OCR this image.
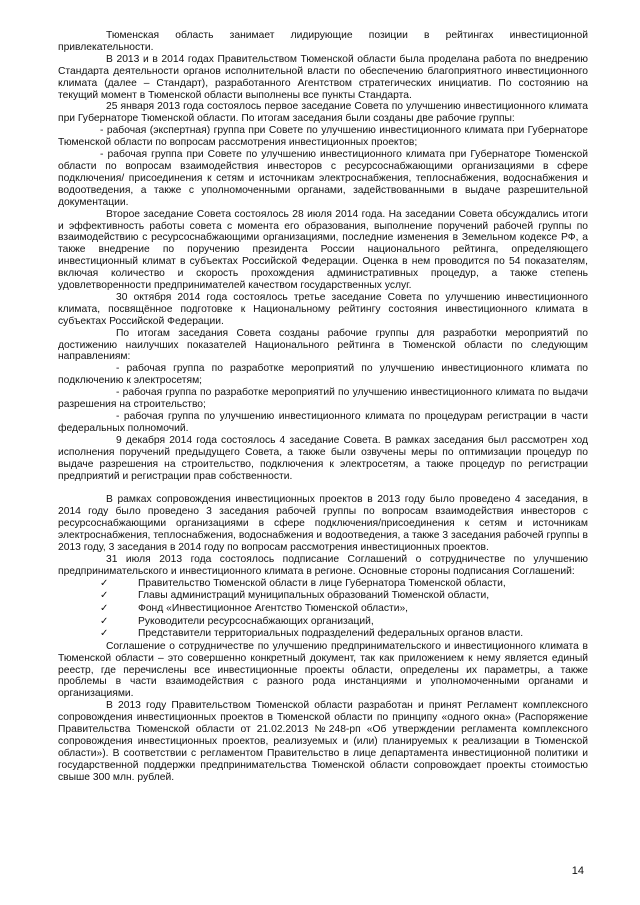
Тюменская область занимает лидирующие позиции в рейтингах инвестиционной привлекательности.

В 2013 и в 2014 годах Правительством Тюменской области была проделана работа по внедрению Стандарта деятельности органов исполнительной власти по обеспечению благоприятного инвестиционного климата (далее – Стандарт), разработанного Агентством стратегических инициатив. По состоянию на текущий момент в Тюменской области выполнены все пункты Стандарта.

25 января 2013 года состоялось первое заседание Совета по улучшению инвестиционного климата при Губернаторе Тюменской области. По итогам заседания были созданы две рабочие группы:

- рабочая (экспертная) группа при Совете по улучшению инвестиционного климата при Губернаторе Тюменской области по вопросам рассмотрения инвестиционных проектов;

- рабочая группа при Совете по улучшению инвестиционного климата при Губернаторе Тюменской области по вопросам взаимодействия инвесторов с ресурсоснабжающими организациями в сфере подключения/ присоединения к сетям и источникам электроснабжения, теплоснабжения, водоснабжения и водоотведения, а также с уполномоченными органами, задействованными в выдаче разрешительной документации.

Второе заседание Совета состоялось 28 июля 2014 года. На заседании Совета обсуждались итоги и эффективность работы совета с момента его образования, выполнение поручений рабочей группы по взаимодействию с ресурсоснабжающими организациями, последние изменения в Земельном кодексе РФ, а также внедрение по поручению президента России национального рейтинга, определяющего инвестиционный климат в субъектах Российской Федерации. Оценка в нем проводится по 54 показателям, включая количество и скорость прохождения административных процедур, а также степень удовлетворенности предпринимателей качеством государственных услуг.

30 октября 2014 года состоялось третье заседание Совета по улучшению инвестиционного климата, посвящённое подготовке к Национальному рейтингу состояния инвестиционного климата в субъектах Российской Федерации.

По итогам заседания Совета созданы рабочие группы для разработки мероприятий по достижению наилучших показателей Национального рейтинга в Тюменской области по следующим направлениям:

- рабочая группа по разработке мероприятий по улучшению инвестиционного климата по подключению к электросетям;

- рабочая группа по разработке мероприятий по улучшению инвестиционного климата по выдачи разрешения на строительство;

- рабочая группа по улучшению инвестиционного климата по процедурам регистрации в части федеральных полномочий.

9 декабря 2014 года состоялось 4 заседание Совета. В рамках заседания был рассмотрен ход исполнения поручений предыдущего Совета, а также были озвучены меры по оптимизации процедур по выдаче разрешения на строительство, подключения к электросетям, а также процедур по регистрации предприятий и регистрации прав собственности.

В рамках сопровождения инвестиционных проектов в 2013 году было проведено 4 заседания, в 2014 году было проведено 3 заседания рабочей группы по вопросам взаимодействия инвесторов с ресурсоснабжающими организациями в сфере подключения/присоединения к сетям и источникам электроснабжения, теплоснабжения, водоснабжения и водоотведения, а также 3 заседания рабочей группы в 2013 году, 3 заседания в 2014 году по вопросам рассмотрения инвестиционных проектов.

31 июля 2013 года состоялось подписание Соглашений о сотрудничестве по улучшению предпринимательского и инвестиционного климата в регионе. Основные стороны подписания Соглашений:

✓	Правительство Тюменской области в лице Губернатора Тюменской области,
✓	Главы администраций муниципальных образований Тюменской области,
✓	Фонд «Инвестиционное Агентство Тюменской области»,
✓	Руководители ресурсоснабжающих организаций,
✓	Представители территориальных подразделений федеральных органов власти.

Соглашение о сотрудничестве по улучшению предпринимательского и инвестиционного климата в Тюменской области – это совершенно конкретный документ, так как приложением к нему является единый реестр, где перечислены все инвестиционные проекты области, определены их параметры, а также проблемы в части взаимодействия с разного рода инстанциями и уполномоченными органами и организациями.

В 2013 году Правительством Тюменской области разработан и принят Регламент комплексного сопровождения инвестиционных проектов в Тюменской области по принципу «одного окна» (Распоряжение Правительства Тюменской области от 21.02.2013 №248-рп «Об утверждении регламента комплексного сопровождения инвестиционных проектов, реализуемых и (или) планируемых к реализации в Тюменской области»). В соответствии с регламентом Правительство в лице департамента инвестиционной политики и государственной поддержки предпринимательства Тюменской области сопровождает проекты стоимостью свыше 300 млн. рублей.

14
